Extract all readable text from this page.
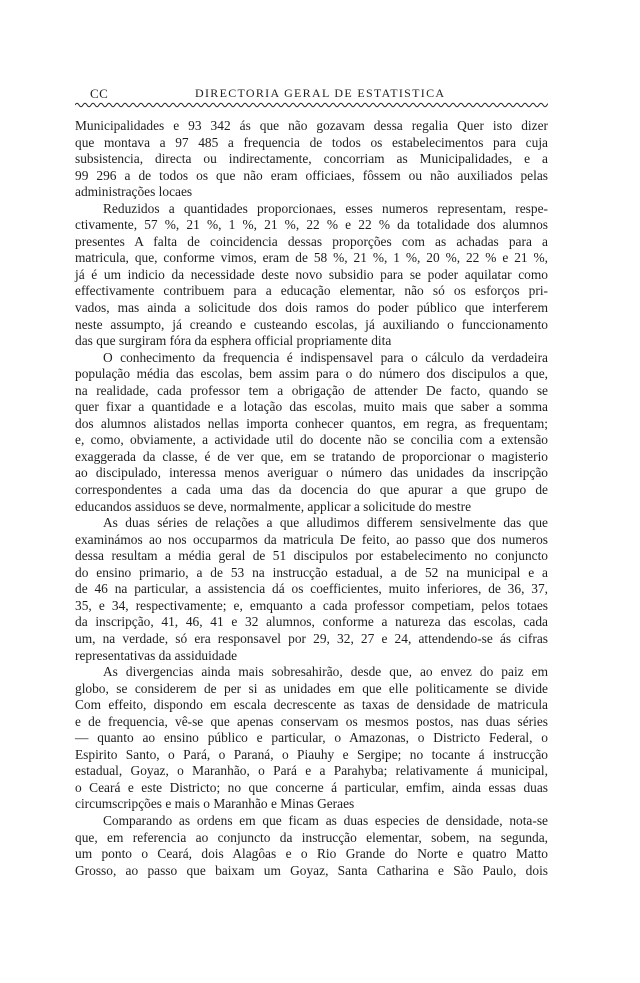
CC	DIRECTORIA GERAL DE ESTATISTICA
Municipalidades e 93 342 ás que não gozavam dessa regalia Quer isto dizer
que montava a 97 485 a frequencia de todos os estabelecimentos para cuja
subsistencia, directa ou indirectamente, concorriam as Municipalidades, e a
99 296 a de todos os que não eram officiaes, fôssem ou não auxiliados pelas
administrações locaes
Reduzidos a quantidades proporcionaes, esses numeros representam, respe-
ctivamente, 57 %, 21 %, 1 %, 21 %, 22 % e 22 % da totalidade dos alumnos
presentes A falta de coincidencia dessas proporções com as achadas para a
matricula, que, conforme vimos, eram de 58 %, 21 %, 1 %, 20 %, 22 % e 21 %,
já é um indicio da necessidade deste novo subsidio para se poder aquilatar como
effectivamente contribuem para a educação elementar, não só os esforços pri-
vados, mas ainda a solicitude dos dois ramos do poder público que interferem
neste assumpto, já creando e custeando escolas, já auxiliando o funccionamento
das que surgiram fóra da esphera official propriamente dita
O conhecimento da frequencia é indispensavel para o cálculo da verdadeira
população média das escolas, bem assim para o do número dos discipulos a que,
na realidade, cada professor tem a obrigação de attender De facto, quando se
quer fixar a quantidade e a lotação das escolas, muito mais que saber a somma
dos alumnos alistados nellas importa conhecer quantos, em regra, as frequentam;
e, como, obviamente, a actividade util do docente não se concilia com a extensão
exaggerada da classe, é de ver que, em se tratando de proporcionar o magisterio
ao discipulado, interessa menos averiguar o número das unidades da inscripção
correspondentes a cada uma das da docencia do que apurar a que grupo de
educandos assiduos se deve, normalmente, applicar a solicitude do mestre
As duas séries de relações a que alludimos differem sensivelmente das que
examinámos ao nos occuparmos da matricula De feito, ao passo que dos numeros
dessa resultam a média geral de 51 discipulos por estabelecimento no conjuncto
do ensino primario, a de 53 na instrucção estadual, a de 52 na municipal e a
de 46 na particular, a assistencia dá os coefficientes, muito inferiores, de 36, 37,
35, e 34, respectivamente; e, emquanto a cada professor competiam, pelos totaes
da inscripção, 41, 46, 41 e 32 alumnos, conforme a natureza das escolas, cada
um, na verdade, só era responsavel por 29, 32, 27 e 24, attendendo-se ás cifras
representativas da assiduidade
As divergencias ainda mais sobresahirão, desde que, ao envez do paiz em
globo, se considerem de per si as unidades em que elle politicamente se divide
Com effeito, dispondo em escala decrescente as taxas de densidade de matricula
e de frequencia, vê-se que apenas conservam os mesmos postos, nas duas séries
— quanto ao ensino público e particular, o Amazonas, o Districto Federal, o
Espirito Santo, o Pará, o Paraná, o Piauhy e Sergipe; no tocante á instrucção
estadual, Goyaz, o Maranhão, o Pará e a Parahyba; relativamente á municipal,
o Ceará e este Districto; no que concerne á particular, emfim, ainda essas duas
circumscripções e mais o Maranhão e Minas Geraes
Comparando as ordens em que ficam as duas especies de densidade, nota-se
que, em referencia ao conjuncto da instrucção elementar, sobem, na segunda,
um ponto o Ceará, dois Alagôas e o Rio Grande do Norte e quatro Matto
Grosso, ao passo que baixam um Goyaz, Santa Catharina e São Paulo, dois
